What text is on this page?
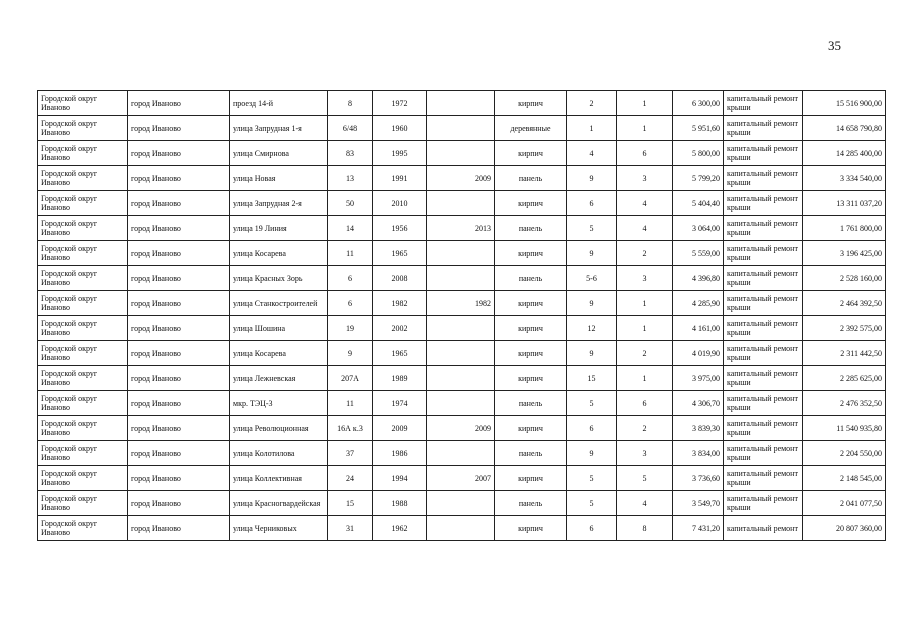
35
Городской округ Иваново	город Иваново	проезд 14-й	8	1972		кирпич	2	1	6 300,00	капитальный ремонт крыши	15 516 900,00
Городской округ Иваново	город Иваново	улица Запрудная 1-я	6/48	1960		деревянные	1	1	5 951,60	капитальный ремонт крыши	14 658 790,80
Городской округ Иваново	город Иваново	улица Смирнова	83	1995		кирпич	4	6	5 800,00	капитальный ремонт крыши	14 285 400,00
Городской округ Иваново	город Иваново	улица Новая	13	1991	2009	панель	9	3	5 799,20	капитальный ремонт крыши	3 334 540,00
Городской округ Иваново	город Иваново	улица Запрудная 2-я	50	2010		кирпич	6	4	5 404,40	капитальный ремонт крыши	13 311 037,20
Городской округ Иваново	город Иваново	улица 19 Линия	14	1956	2013	панель	5	4	3 064,00	капитальный ремонт крыши	1 761 800,00
Городской округ Иваново	город Иваново	улица Косарева	11	1965		кирпич	9	2	5 559,00	капитальный ремонт крыши	3 196 425,00
Городской округ Иваново	город Иваново	улица Красных Зорь	6	2008		панель	5-6	3	4 396,80	капитальный ремонт крыши	2 528 160,00
Городской округ Иваново	город Иваново	улица Станкостроителей	6	1982	1982	кирпич	9	1	4 285,90	капитальный ремонт крыши	2 464 392,50
Городской округ Иваново	город Иваново	улица Шошина	19	2002		кирпич	12	1	4 161,00	капитальный ремонт крыши	2 392 575,00
Городской округ Иваново	город Иваново	улица Косарева	9	1965		кирпич	9	2	4 019,90	капитальный ремонт крыши	2 311 442,50
Городской округ Иваново	город Иваново	улица Лежневская	207А	1989		кирпич	15	1	3 975,00	капитальный ремонт крыши	2 285 625,00
Городской округ Иваново	город Иваново	мкр. ТЭЦ-3	11	1974		панель	5	6	4 306,70	капитальный ремонт крыши	2 476 352,50
Городской округ Иваново	город Иваново	улица Революционная	16А к.3	2009	2009	кирпич	6	2	3 839,30	капитальный ремонт крыши	11 540 935,80
Городской округ Иваново	город Иваново	улица Колотилова	37	1986		панель	9	3	3 834,00	капитальный ремонт крыши	2 204 550,00
Городской округ Иваново	город Иваново	улица Коллективная	24	1994	2007	кирпич	5	5	3 736,60	капитальный ремонт крыши	2 148 545,00
Городской округ Иваново	город Иваново	улица Красногвардейская	15	1988		панель	5	4	3 549,70	капитальный ремонт крыши	2 041 077,50
Городской округ Иваново	город Иваново	улица Черниковых	31	1962		кирпич	6	8	7 431,20	капитальный ремонт	20 807 360,00
